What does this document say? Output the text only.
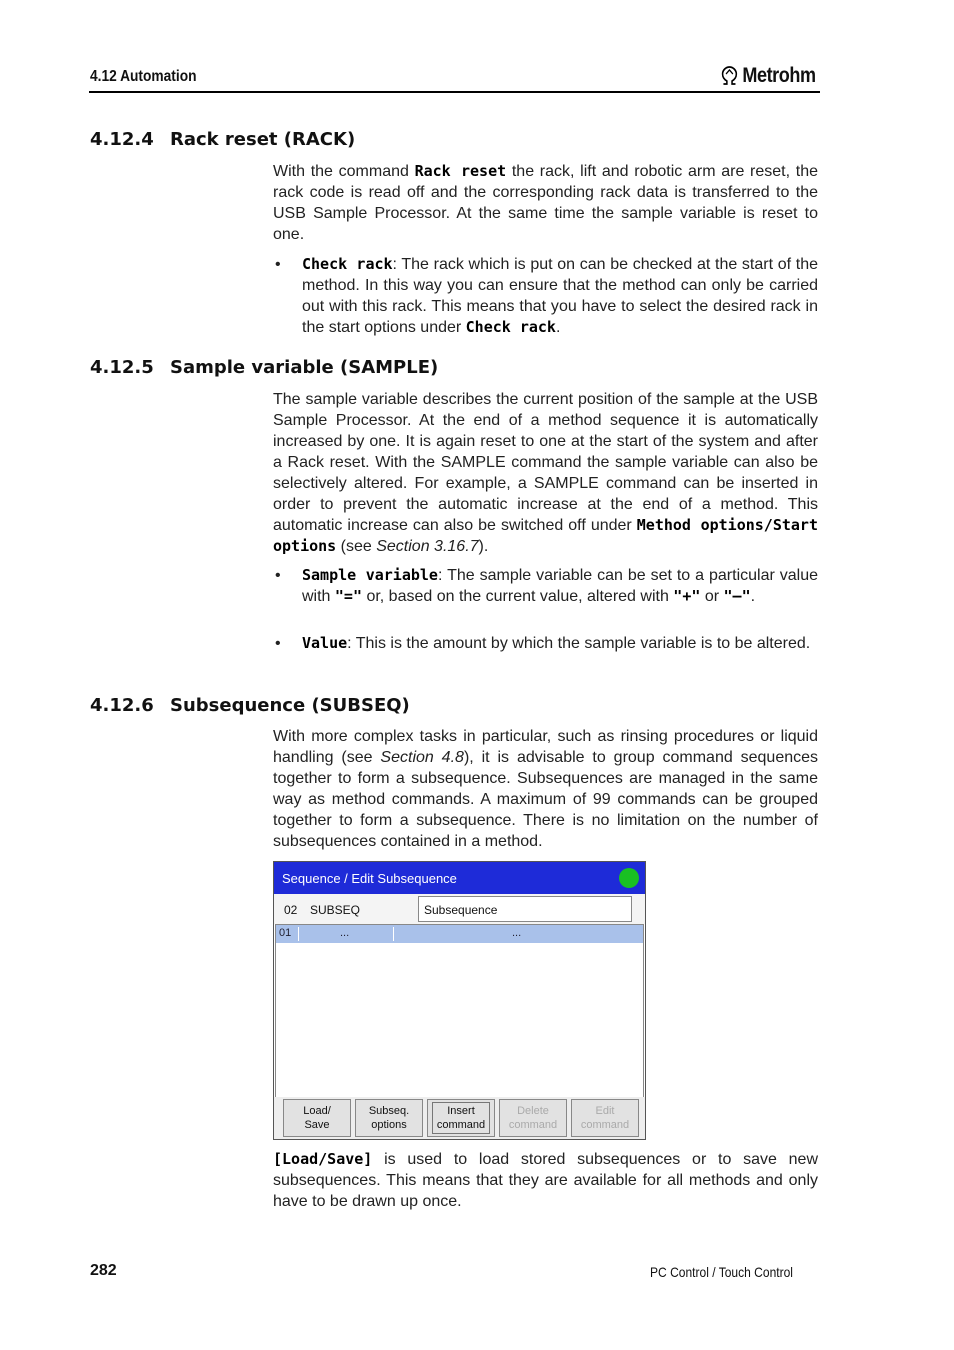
4.12 Automation	Metrohm
4.12.4 Rack reset (RACK)

With the command Rack reset the rack, lift and robotic arm are reset, the rack code is read off and the corresponding rack data is transferred to the USB Sample Processor. At the same time the sample variable is reset to one.

• Check rack: The rack which is put on can be checked at the start of the method. In this way you can ensure that the method can only be carried out with this rack. This means that you have to select the desired rack in the start options under Check rack.
4.12.5 Sample variable (SAMPLE)

The sample variable describes the current position of the sample at the USB Sample Processor. At the end of a method sequence it is automatically increased by one. It is again reset to one at the start of the system and after a Rack reset. With the SAMPLE command the sample variable can also be selectively altered. For example, a SAMPLE command can be inserted in order to prevent the automatic increase at the end of a method. This automatic increase can also be switched off under Method options/Start options (see Section 3.16.7).

• Sample variable: The sample variable can be set to a particular value with "=" or, based on the current value, altered with "+" or "–".
• Value: This is the amount by which the sample variable is to be altered.
4.12.6 Subsequence (SUBSEQ)

With more complex tasks in particular, such as rinsing procedures or liquid handling (see Section 4.8), it is advisable to group command sequences together to form a subsequence. Subsequences are managed in the same way as method commands. A maximum of 99 commands can be grouped together to form a subsequence. There is no limitation on the number of subsequences contained in a method.

Sequence / Edit Subsequence
02 SUBSEQ	Subsequence
01	...	...
Load/
Save
Subseq.
options
Insert
command
Delete
command
Edit
command

[Load/Save] is used to load stored subsequences or to save new subsequences. This means that they are available for all methods and only have to be drawn up once.

282	PC Control / Touch Control
